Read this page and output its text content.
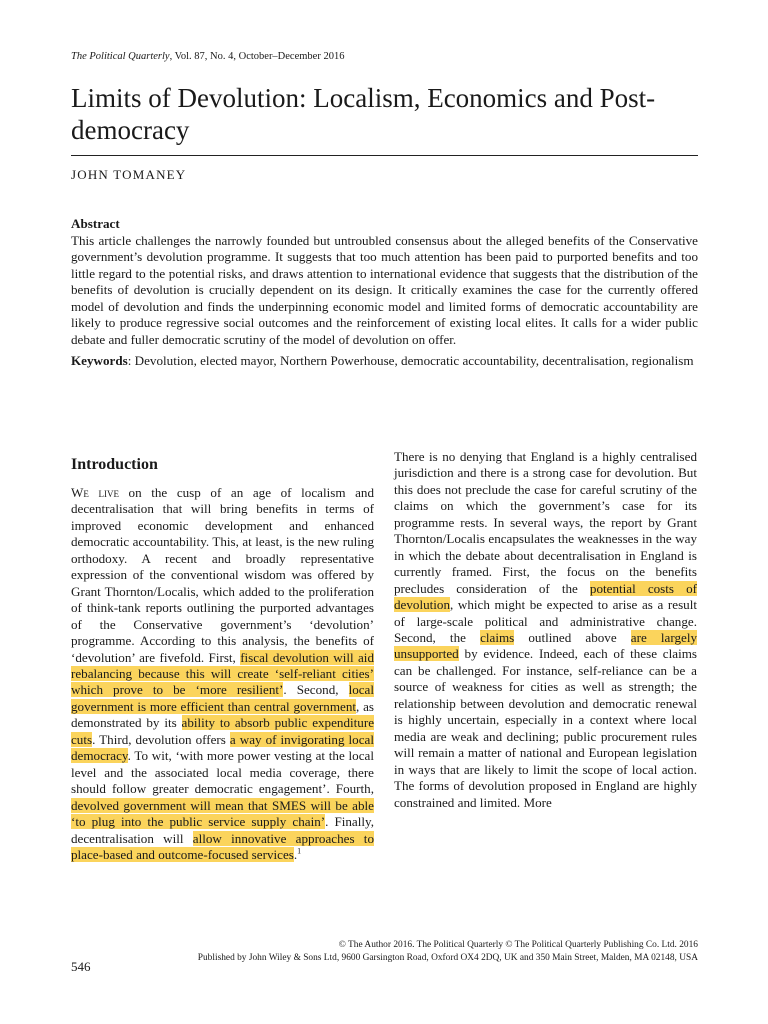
The Political Quarterly, Vol. 87, No. 4, October–December 2016
Limits of Devolution: Localism, Economics and Post-democracy
JOHN TOMANEY
Abstract

This article challenges the narrowly founded but untroubled consensus about the alleged benefits of the Conservative government’s devolution programme. It suggests that too much attention has been paid to purported benefits and too little regard to the potential risks, and draws attention to international evidence that suggests that the distribution of the benefits of devolution is crucially dependent on its design. It critically examines the case for the currently offered model of devolution and finds the underpinning economic model and limited forms of democratic accountability are likely to produce regressive social outcomes and the reinforcement of existing local elites. It calls for a wider public debate and fuller democratic scrutiny of the model of devolution on offer.

Keywords: Devolution, elected mayor, Northern Powerhouse, democratic accountability, decentralisation, regionalism

Introduction

We live on the cusp of an age of localism and decentralisation that will bring benefits in terms of improved economic development and enhanced democratic accountability. This, at least, is the new ruling orthodoxy. A recent and broadly representative expression of the conventional wisdom was offered by Grant Thornton/Localis, which added to the proliferation of think-tank reports outlining the purported advantages of the Conservative government’s ‘devolution’ programme. According to this analysis, the benefits of ‘devolution’ are fivefold. First, fiscal devolution will aid rebalancing because this will create ‘self-reliant cities’ which prove to be ‘more resilient’. Second, local government is more efficient than central government, as demonstrated by its ability to absorb public expenditure cuts. Third, devolution offers a way of invigorating local democracy. To wit, ‘with more power vesting at the local level and the associated local media coverage, there should follow greater democratic engagement’. Fourth, devolved government will mean that SMES will be able ‘to plug into the public service supply chain’. Finally, decentralisation will allow innovative approaches to place-based and outcome-focused services.$^1$

There is no denying that England is a highly centralised jurisdiction and there is a strong case for devolution. But this does not preclude the case for careful scrutiny of the claims on which the government’s case for its programme rests. In several ways, the report by Grant Thornton/Localis encapsulates the weaknesses in the way in which the debate about decentralisation in England is currently framed. First, the focus on the benefits precludes consideration of the potential costs of devolution, which might be expected to arise as a result of large-scale political and administrative change. Second, the claims outlined above are largely unsupported by evidence. Indeed, each of these claims can be challenged. For instance, self-reliance can be a source of weakness for cities as well as strength; the relationship between devolution and democratic renewal is highly uncertain, especially in a context where local media are weak and declining; public procurement rules will remain a matter of national and European legislation in ways that are likely to limit the scope of local action. The forms of devolution proposed in England are highly constrained and limited. More

© The Author 2016. The Political Quarterly © The Political Quarterly Publishing Co. Ltd. 2016
546
Published by John Wiley & Sons Ltd, 9600 Garsington Road, Oxford OX4 2DQ, UK and 350 Main Street, Malden, MA 02148, USA
